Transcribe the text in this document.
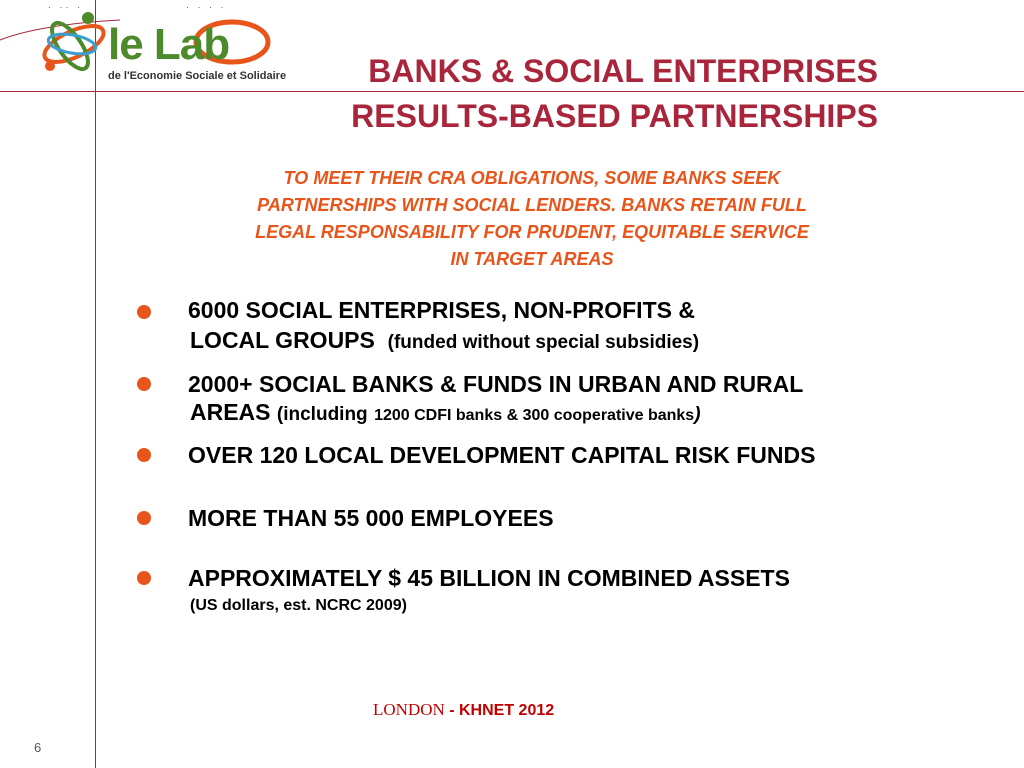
· ·· ·	· · · ·
le Lab
de l'Economie Sociale et Solidaire	BANKS & SOCIAL ENTERPRISES
RESULTS-BASED PARTNERSHIPS
TO MEET THEIR CRA OBLIGATIONS, SOME BANKS SEEK
PARTNERSHIPS WITH SOCIAL LENDERS. BANKS RETAIN FULL
LEGAL RESPONSABILITY FOR PRUDENT, EQUITABLE SERVICE
IN TARGET AREAS
6000 SOCIAL ENTERPRISES, NON-PROFITS &
LOCAL GROUPS (funded without special subsidies)
2000+ SOCIAL BANKS & FUNDS IN URBAN AND RURAL
AREAS (including 1200 CDFI banks & 300 cooperative banks)
OVER 120 LOCAL DEVELOPMENT CAPITAL RISK FUNDS
MORE THAN 55 000 EMPLOYEES
APPROXIMATELY $ 45 BILLION IN COMBINED ASSETS
(US dollars, est. NCRC 2009)
LONDON - KHNET 2012
6
